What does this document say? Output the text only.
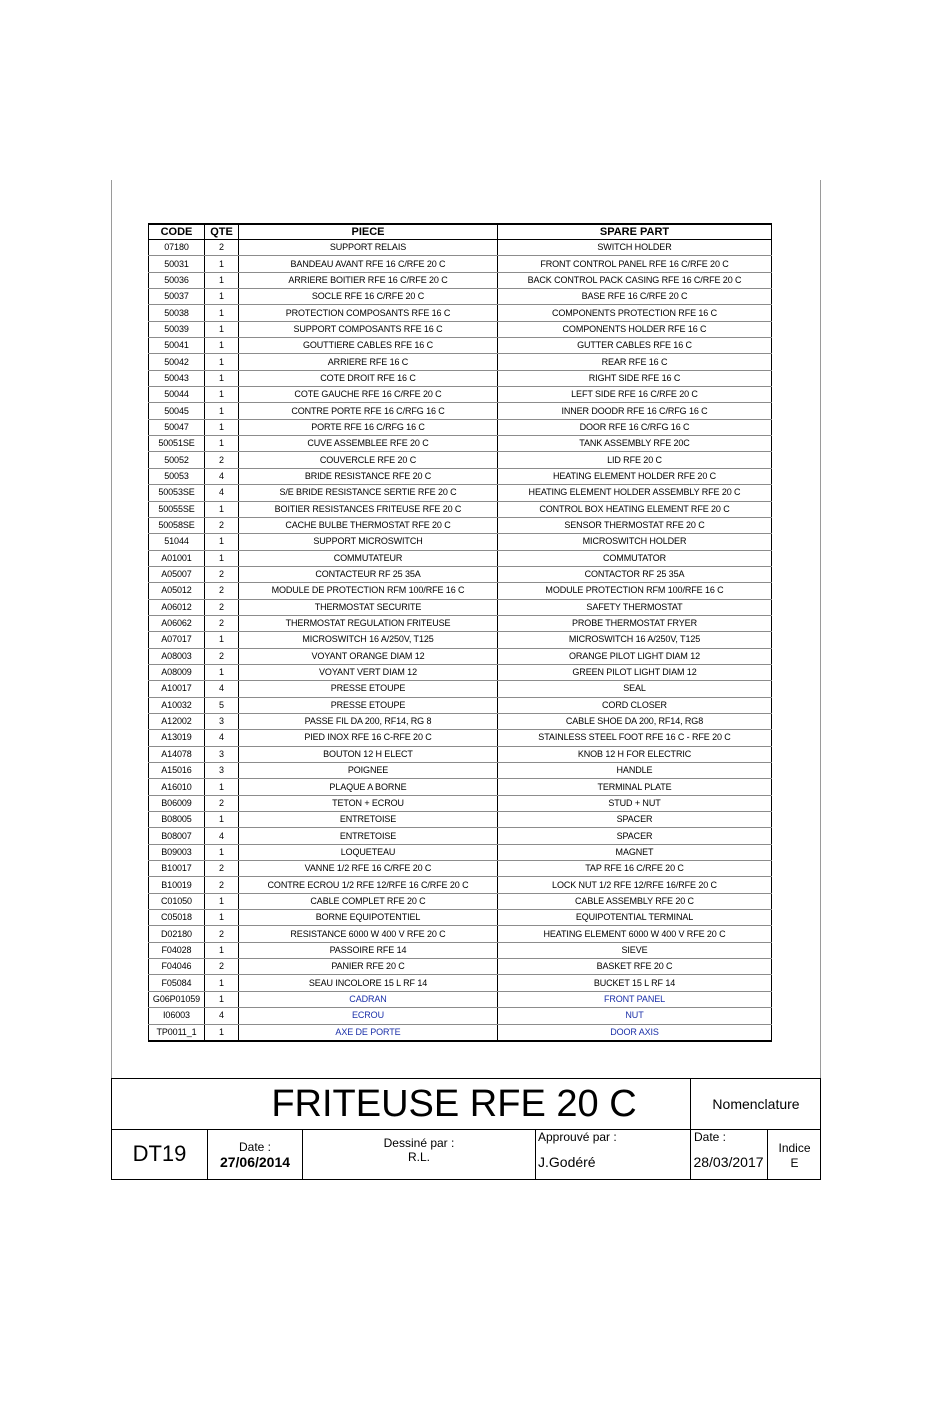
CODE	QTE	PIECE	SPARE PART
07180	2	SUPPORT RELAIS	SWITCH HOLDER
50031	1	BANDEAU AVANT RFE 16 C/RFE 20 C	FRONT CONTROL PANEL RFE 16 C/RFE 20 C
50036	1	ARRIERE BOITIER RFE 16 C/RFE 20 C	BACK CONTROL PACK CASING RFE 16 C/RFE 20 C
50037	1	SOCLE RFE 16 C/RFE 20 C	BASE RFE 16 C/RFE 20 C
50038	1	PROTECTION COMPOSANTS RFE 16 C	COMPONENTS PROTECTION RFE 16 C
50039	1	SUPPORT COMPOSANTS RFE 16 C	COMPONENTS HOLDER RFE 16 C
50041	1	GOUTTIERE CABLES RFE 16 C	GUTTER CABLES RFE 16 C
50042	1	ARRIERE RFE 16 C	REAR RFE 16 C
50043	1	COTE DROIT RFE 16 C	RIGHT SIDE RFE 16 C
50044	1	COTE GAUCHE RFE 16 C/RFE 20 C	LEFT SIDE RFE 16 C/RFE 20 C
50045	1	CONTRE PORTE RFE 16 C/RFG 16 C	INNER DOODR RFE 16 C/RFG 16 C
50047	1	PORTE RFE 16 C/RFG 16 C	DOOR RFE 16 C/RFG 16 C
50051SE	1	CUVE ASSEMBLEE RFE 20 C	TANK ASSEMBLY RFE 20C
50052	2	COUVERCLE RFE 20 C	LID RFE 20 C
50053	4	BRIDE RESISTANCE RFE 20 C	HEATING ELEMENT HOLDER RFE 20 C
50053SE	4	S/E BRIDE RESISTANCE SERTIE RFE 20 C	HEATING ELEMENT HOLDER ASSEMBLY RFE 20 C
50055SE	1	BOITIER RESISTANCES FRITEUSE RFE 20 C	CONTROL BOX HEATING ELEMENT RFE 20 C
50058SE	2	CACHE BULBE THERMOSTAT RFE 20 C	SENSOR THERMOSTAT RFE 20 C
51044	1	SUPPORT MICROSWITCH	MICROSWITCH HOLDER
A01001	1	COMMUTATEUR	COMMUTATOR
A05007	2	CONTACTEUR RF 25 35A	CONTACTOR RF 25 35A
A05012	2	MODULE DE PROTECTION RFM 100/RFE 16 C	MODULE PROTECTION RFM 100/RFE 16 C
A06012	2	THERMOSTAT SECURITE	SAFETY THERMOSTAT
A06062	2	THERMOSTAT REGULATION FRITEUSE	PROBE THERMOSTAT FRYER
A07017	1	MICROSWITCH 16 A/250V, T125	MICROSWITCH 16 A/250V, T125
A08003	2	VOYANT ORANGE DIAM 12	ORANGE PILOT LIGHT DIAM 12
A08009	1	VOYANT VERT DIAM 12	GREEN PILOT LIGHT DIAM 12
A10017	4	PRESSE ETOUPE	SEAL
A10032	5	PRESSE ETOUPE	CORD CLOSER
A12002	3	PASSE FIL DA 200, RF14, RG 8	CABLE SHOE DA 200, RF14, RG8
A13019	4	PIED INOX RFE 16 C-RFE 20 C	STAINLESS STEEL FOOT RFE 16 C - RFE 20 C
A14078	3	BOUTON 12 H ELECT	KNOB 12 H FOR ELECTRIC
A15016	3	POIGNEE	HANDLE
A16010	1	PLAQUE A BORNE	TERMINAL PLATE
B06009	2	TETON + ECROU	STUD + NUT
B08005	1	ENTRETOISE	SPACER
B08007	4	ENTRETOISE	SPACER
B09003	1	LOQUETEAU	MAGNET
B10017	2	VANNE 1/2 RFE 16 C/RFE 20 C	TAP RFE 16 C/RFE 20 C
B10019	2	CONTRE ECROU 1/2 RFE 12/RFE 16 C/RFE 20 C	LOCK NUT 1/2 RFE 12/RFE 16/RFE 20 C
C01050	1	CABLE COMPLET RFE 20 C	CABLE ASSEMBLY RFE 20 C
C05018	1	BORNE EQUIPOTENTIEL	EQUIPOTENTIAL TERMINAL
D02180	2	RESISTANCE 6000 W 400 V RFE 20 C	HEATING ELEMENT 6000 W 400 V RFE 20 C
F04028	1	PASSOIRE RFE 14	SIEVE
F04046	2	PANIER RFE 20 C	BASKET RFE 20 C
F05084	1	SEAU INCOLORE 15 L RF 14	BUCKET 15 L RF 14
G06P01059	1	CADRAN	FRONT PANEL
I06003	4	ECROU	NUT
TP0011_1	1	AXE DE PORTE	DOOR AXIS
FRITEUSE RFE 20 C	Nomenclature
DT19	Date :
27/06/2014
Dessiné par :
R.L.
Approuvé par :
J.Godéré
Date :
28/03/2017
Indice
E
